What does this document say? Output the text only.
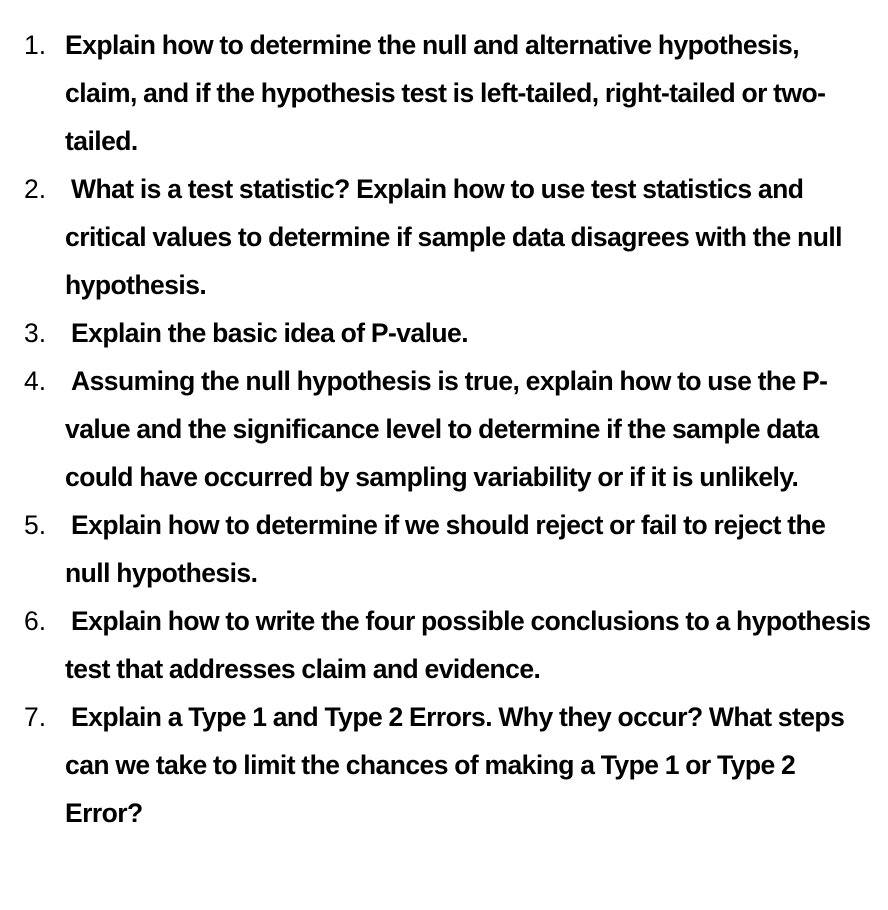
1. Explain how to determine the null and alternative hypothesis, claim, and if the hypothesis test is left-tailed, right-tailed or two-tailed.
2. What is a test statistic? Explain how to use test statistics and critical values to determine if sample data disagrees with the null hypothesis.
3. Explain the basic idea of P-value.
4. Assuming the null hypothesis is true, explain how to use the P-value and the significance level to determine if the sample data could have occurred by sampling variability or if it is unlikely.
5. Explain how to determine if we should reject or fail to reject the null hypothesis.
6. Explain how to write the four possible conclusions to a hypothesis test that addresses claim and evidence.
7. Explain a Type 1 and Type 2 Errors. Why they occur? What steps can we take to limit the chances of making a Type 1 or Type 2 Error?
